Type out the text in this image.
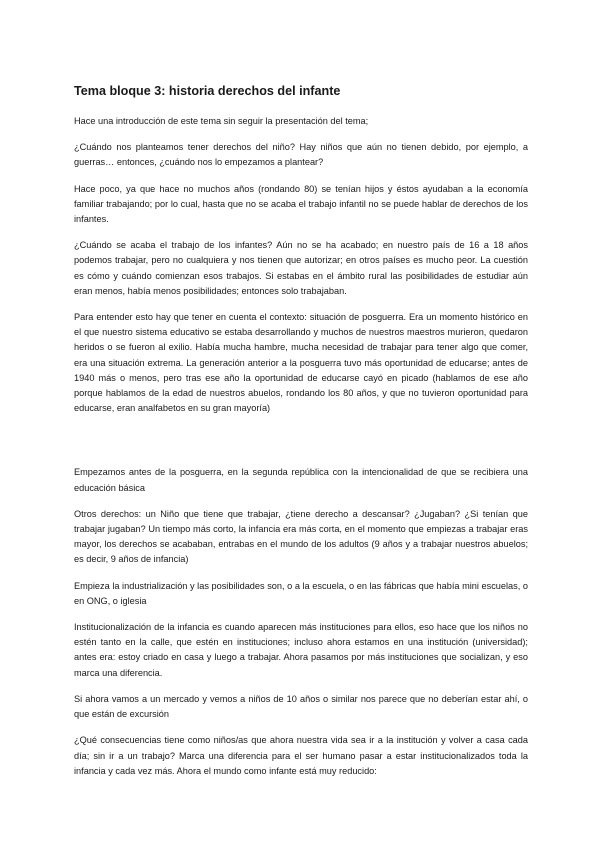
Tema bloque 3: historia derechos del infante

Hace una introducción de este tema sin seguir la presentación del tema;

¿Cuándo nos planteamos tener derechos del niño? Hay niños que aún no tienen debido, por ejemplo, a guerras… entonces, ¿cuándo nos lo empezamos a plantear?

Hace poco, ya que hace no muchos años (rondando 80) se tenían hijos y éstos ayudaban a la economía familiar trabajando; por lo cual, hasta que no se acaba el trabajo infantil no se puede hablar de derechos de los infantes.

¿Cuándo se acaba el trabajo de los infantes? Aún no se ha acabado; en nuestro país de 16 a 18 años podemos trabajar, pero no cualquiera y nos tienen que autorizar; en otros países es mucho peor. La cuestión es cómo y cuándo comienzan esos trabajos. Si estabas en el ámbito rural las posibilidades de estudiar aún eran menos, había menos posibilidades; entonces solo trabajaban.

Para entender esto hay que tener en cuenta el contexto: situación de posguerra. Era un momento histórico en el que nuestro sistema educativo se estaba desarrollando y muchos de nuestros maestros murieron, quedaron heridos o se fueron al exilio. Había mucha hambre, mucha necesidad de trabajar para tener algo que comer, era una situación extrema. La generación anterior a la posguerra tuvo más oportunidad de educarse; antes de 1940 más o menos, pero tras ese año la oportunidad de educarse cayó en picado (hablamos de ese año porque hablamos de la edad de nuestros abuelos, rondando los 80 años, y que no tuvieron oportunidad para educarse, eran analfabetos en su gran mayoría)

Empezamos antes de la posguerra, en la segunda república con la intencionalidad de que se recibiera una educación básica

Otros derechos: un Niño que tiene que trabajar, ¿tiene derecho a descansar? ¿Jugaban? ¿Si tenían que trabajar jugaban? Un tiempo más corto, la infancia era más corta, en el momento que empiezas a trabajar eras mayor, los derechos se acababan, entrabas en el mundo de los adultos (9 años y a trabajar nuestros abuelos; es decir, 9 años de infancia)

Empieza la industrialización y las posibilidades son, o a la escuela, o en las fábricas que había mini escuelas, o en ONG, o iglesia

Institucionalización de la infancia es cuando aparecen más instituciones para ellos, eso hace que los niños no estén tanto en la calle, que estén en instituciones; incluso ahora estamos en una institución (universidad); antes era: estoy criado en casa y luego a trabajar. Ahora pasamos por más instituciones que socializan, y eso marca una diferencia.

Si ahora vamos a un mercado y vemos a niños de 10 años o similar nos parece que no deberían estar ahí, o que están de excursión

¿Qué consecuencias tiene como niños/as que ahora nuestra vida sea ir a la institución y volver a casa cada día; sin ir a un trabajo? Marca una diferencia para el ser humano pasar a estar institucionalizados toda la infancia y cada vez más. Ahora el mundo como infante está muy reducido:
